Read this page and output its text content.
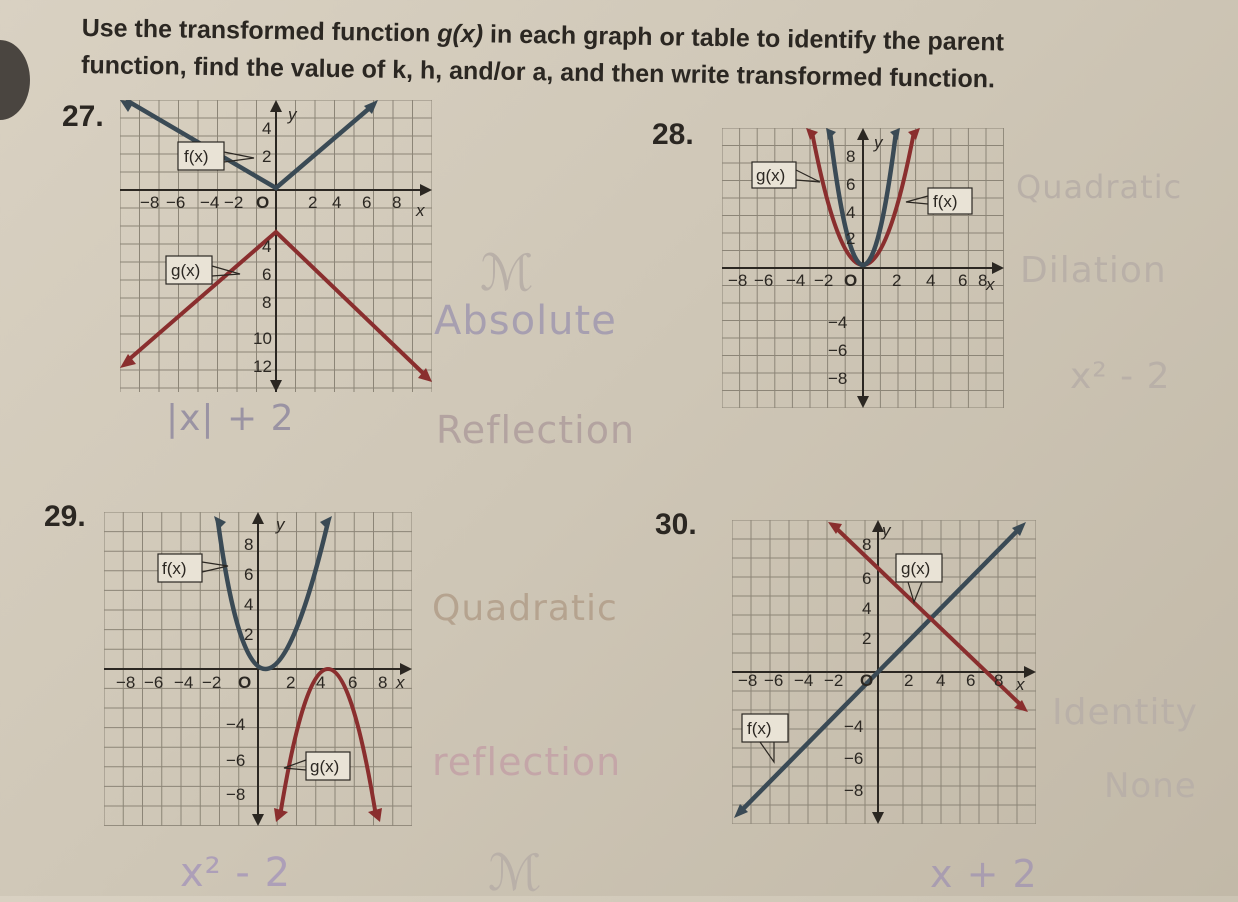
Use the transformed function g(x) in each graph or table to identify the parent
function, find the value of k, h, and/or a, and then write transformed function.
27.
28.
29.	30.
f(x)
g(x)
y
x
−8 −6 −4 −2 O 2 4 6 8
4
2
4
6
8
10
12
g(x)
f(x)
y
x
−8 −6 −4 −2 O 2 4 6 8
8
6
4
2
−4
−6
−8
f(x)
g(x)
y
x
−8 −6 −4 −2 O 2 4 6 8
8
6
4
2
−4
−6
−8
g(x)
f(x)
y
x
−8 −6 −4 −2 O 2 4 6 8
8
6
4
2
−4
−6
−8
|x| + 2
Absolute
Reflection
ℳ
Quadratic
Dilation
x² - 2
Quadratic
reflection
x² - 2	ℳ
Identity
None
x + 2
